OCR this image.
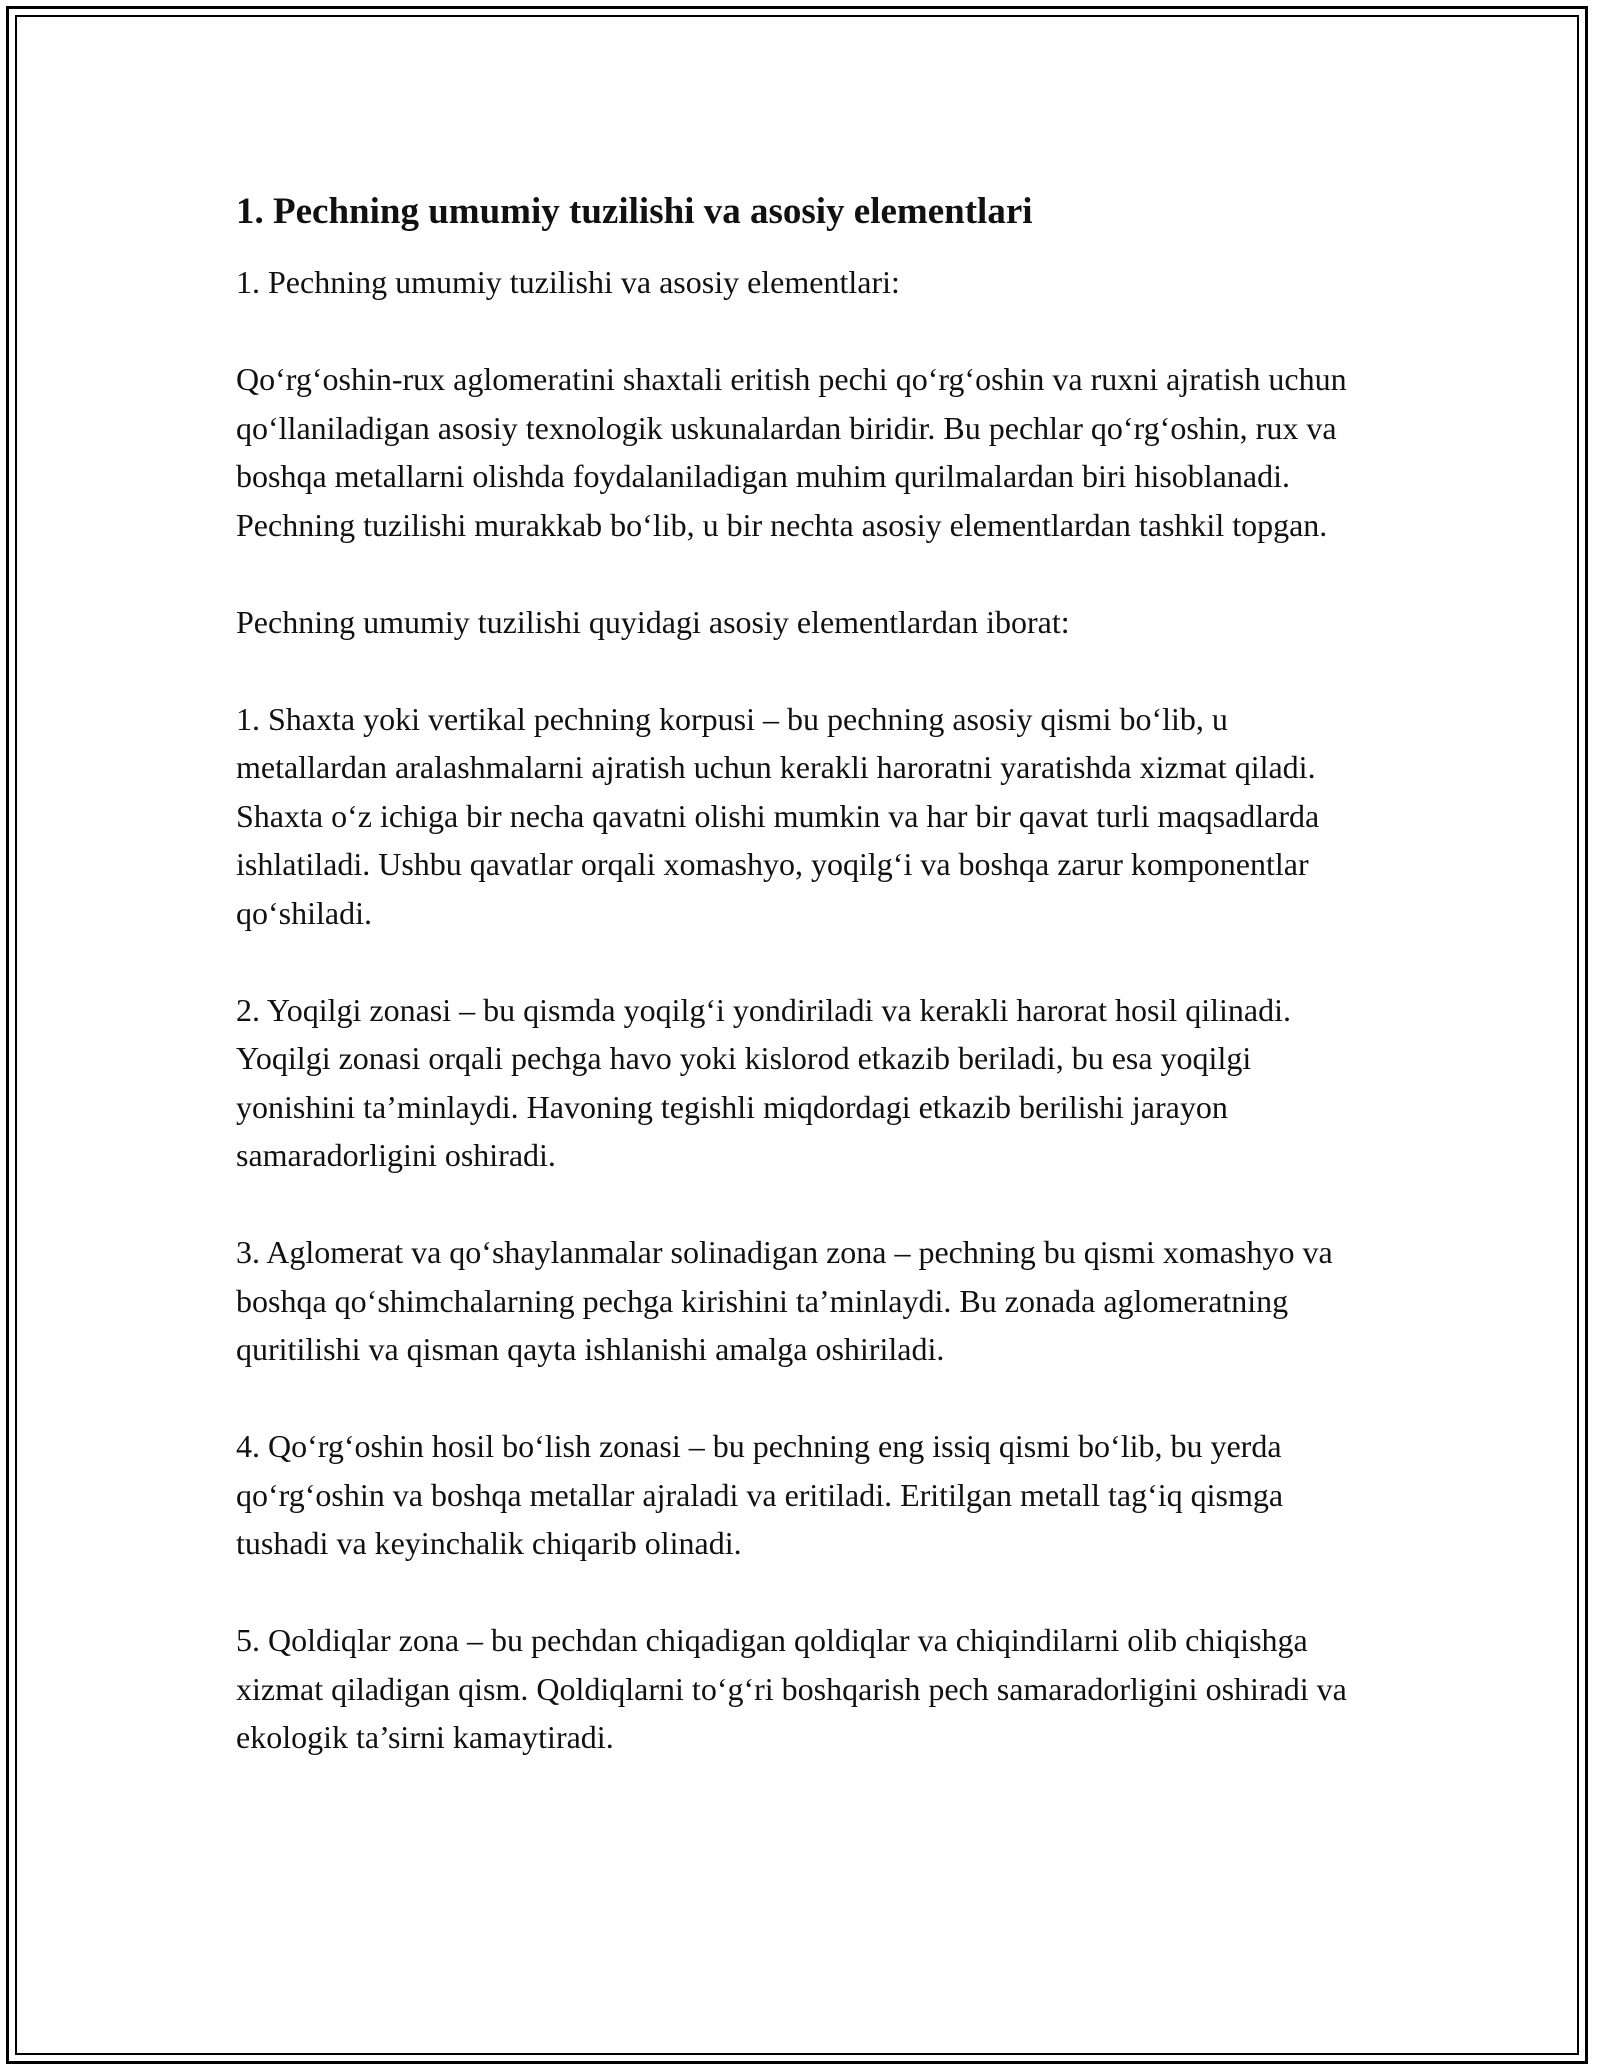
1. Pechning umumiy tuzilishi va asosiy elementlari

1. Pechning umumiy tuzilishi va asosiy elementlari:

Qo‘rg‘oshin-rux aglomeratini shaxtali eritish pechi qo‘rg‘oshin va ruxni ajratish uchun qo‘llaniladigan asosiy texnologik uskunalardan biridir. Bu pechlar qo‘rg‘oshin, rux va boshqa metallarni olishda foydalaniladigan muhim qurilmalardan biri hisoblanadi. Pechning tuzilishi murakkab bo‘lib, u bir nechta asosiy elementlardan tashkil topgan.

Pechning umumiy tuzilishi quyidagi asosiy elementlardan iborat:

1. Shaxta yoki vertikal pechning korpusi – bu pechning asosiy qismi bo‘lib, u metallardan aralashmalarni ajratish uchun kerakli haroratni yaratishda xizmat qiladi. Shaxta o‘z ichiga bir necha qavatni olishi mumkin va har bir qavat turli maqsadlarda ishlatiladi. Ushbu qavatlar orqali xomashyo, yoqilg‘i va boshqa zarur komponentlar qo‘shiladi.

2. Yoqilgi zonasi – bu qismda yoqilg‘i yondiriladi va kerakli harorat hosil qilinadi. Yoqilgi zonasi orqali pechga havo yoki kislorod etkazib beriladi, bu esa yoqilgi yonishini ta’minlaydi. Havoning tegishli miqdordagi etkazib berilishi jarayon samaradorligini oshiradi.

3. Aglomerat va qo‘shaylanmalar solinadigan zona – pechning bu qismi xomashyo va boshqa qo‘shimchalarning pechga kirishini ta’minlaydi. Bu zonada aglomeratning quritilishi va qisman qayta ishlanishi amalga oshiriladi.

4. Qo‘rg‘oshin hosil bo‘lish zonasi – bu pechning eng issiq qismi bo‘lib, bu yerda qo‘rg‘oshin va boshqa metallar ajraladi va eritiladi. Eritilgan metall tag‘iq qismga tushadi va keyinchalik chiqarib olinadi.

5. Qoldiqlar zona – bu pechdan chiqadigan qoldiqlar va chiqindilarni olib chiqishga xizmat qiladigan qism. Qoldiqlarni to‘g‘ri boshqarish pech samaradorligini oshiradi va ekologik ta’sirni kamaytiradi.
